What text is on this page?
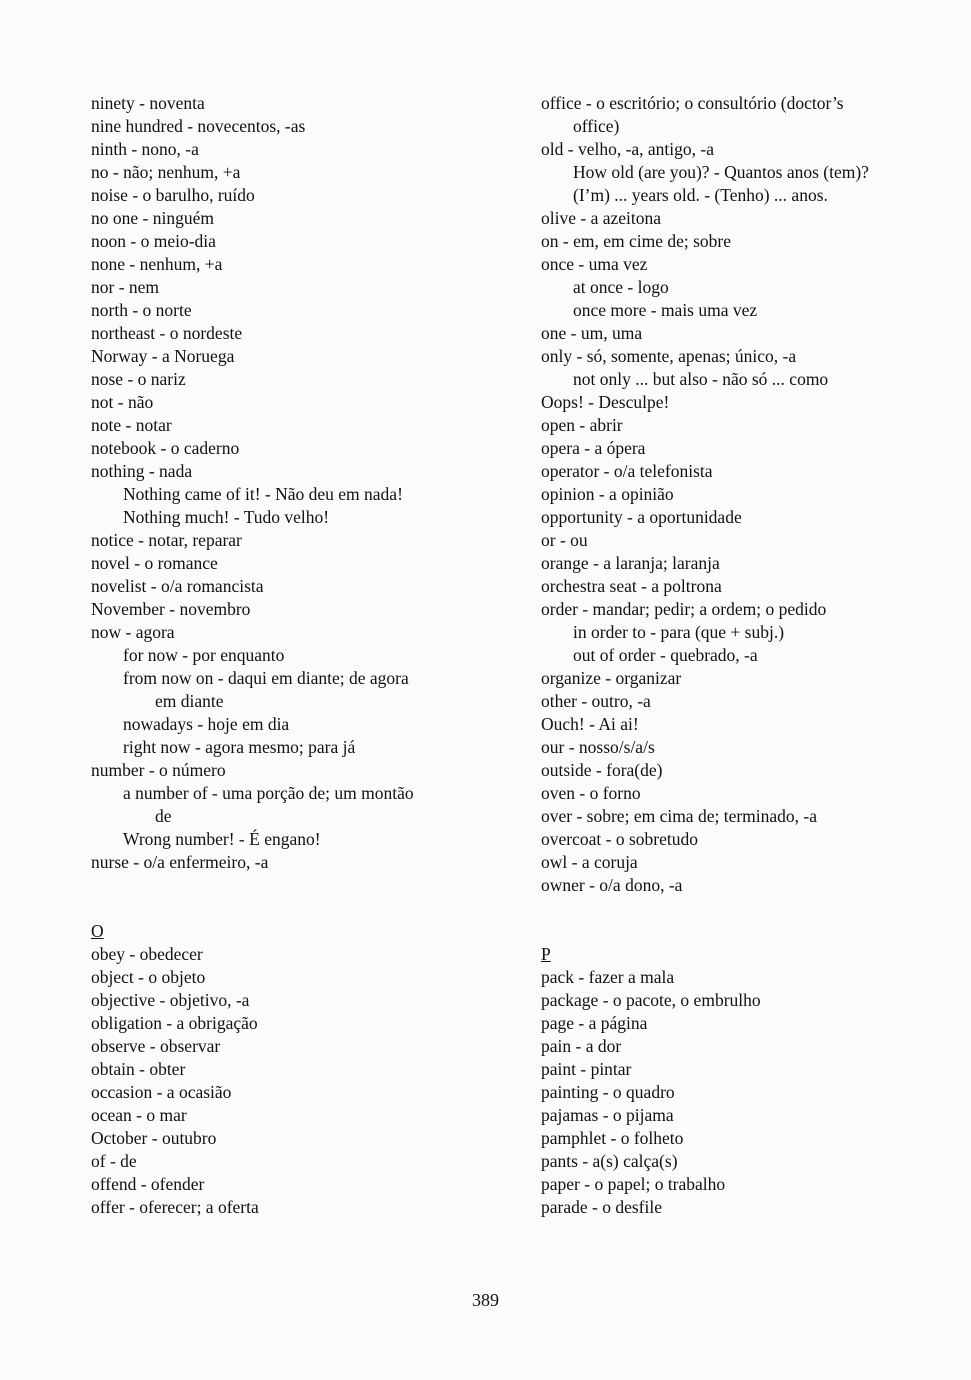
ninety - noventa
nine hundred - novecentos, -as
ninth - nono, -a
no - não; nenhum, +a
noise - o barulho, ruído
no one - ninguém
noon - o meio-dia
none - nenhum, +a
nor - nem
north - o norte
northeast - o nordeste
Norway - a Noruega
nose - o nariz
not - não
note - notar
notebook - o caderno
nothing - nada
Nothing came of it! - Não deu em nada!
Nothing much! - Tudo velho!
notice - notar, reparar
novel - o romance
novelist - o/a romancista
November - novembro
now - agora
for now - por enquanto
from now on - daqui em diante; de agora
em diante
nowadays - hoje em dia
right now - agora mesmo; para já
number - o número
a number of - uma porção de; um montão
de
Wrong number! - É engano!
nurse - o/a enfermeiro, -a
O
obey - obedecer
object - o objeto
objective - objetivo, -a
obligation - a obrigação
observe - observar
obtain - obter
occasion - a ocasião
ocean - o mar
October - outubro
of - de
offend - ofender
offer - oferecer; a oferta
office - o escritório; o consultório (doctor’s
office)
old - velho, -a, antigo, -a
How old (are you)? - Quantos anos (tem)?
(I’m) ... years old. - (Tenho) ... anos.
olive - a azeitona
on - em, em cime de; sobre
once - uma vez
at once - logo
once more - mais uma vez
one - um, uma
only - só, somente, apenas; único, -a
not only ... but also - não só ... como
Oops! - Desculpe!
open - abrir
opera - a ópera
operator - o/a telefonista
opinion - a opinião
opportunity - a oportunidade
or - ou
orange - a laranja; laranja
orchestra seat - a poltrona
order - mandar; pedir; a ordem; o pedido
in order to - para (que + subj.)
out of order - quebrado, -a
organize - organizar
other - outro, -a
Ouch! - Ai ai!
our - nosso/s/a/s
outside - fora(de)
oven - o forno
over - sobre; em cima de; terminado, -a
overcoat - o sobretudo
owl - a coruja
owner - o/a dono, -a
P
pack - fazer a mala
package - o pacote, o embrulho
page - a página
pain - a dor
paint - pintar
painting - o quadro
pajamas - o pijama
pamphlet - o folheto
pants - a(s) calça(s)
paper - o papel; o trabalho
parade - o desfile
389
